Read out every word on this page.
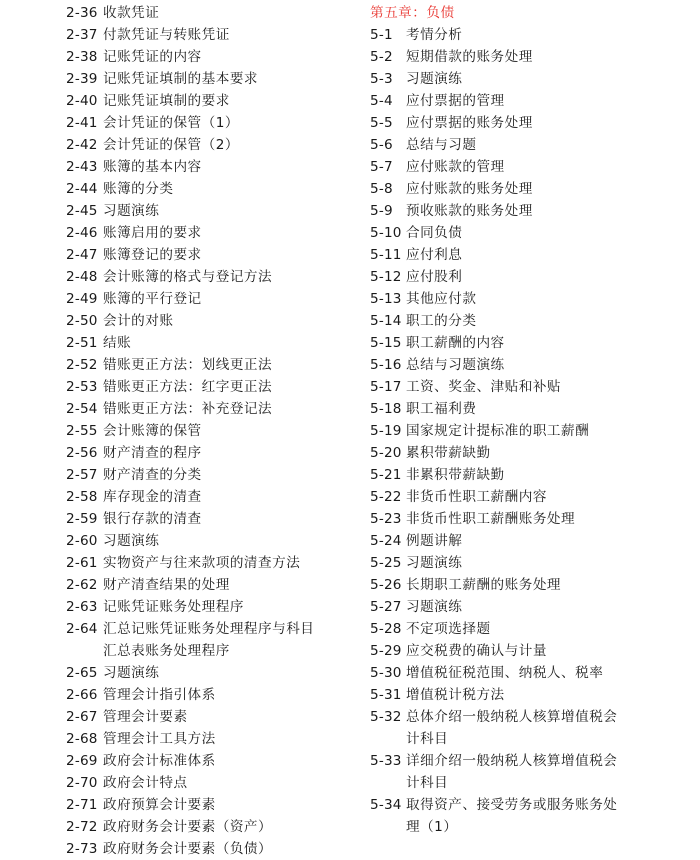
2-36 收款凭证
2-37 付款凭证与转账凭证
2-38 记账凭证的内容
2-39 记账凭证填制的基本要求
2-40 记账凭证填制的要求
2-41 会计凭证的保管（1）
2-42 会计凭证的保管（2）
2-43 账簿的基本内容
2-44 账簿的分类
2-45 习题演练
2-46 账簿启用的要求
2-47 账簿登记的要求
2-48 会计账簿的格式与登记方法
2-49 账簿的平行登记
2-50 会计的对账
2-51 结账
2-52 错账更正方法：划线更正法
2-53 错账更正方法：红字更正法
2-54 错账更正方法：补充登记法
2-55 会计账簿的保管
2-56 财产清查的程序
2-57 财产清查的分类
2-58 库存现金的清查
2-59 银行存款的清查
2-60 习题演练
2-61 实物资产与往来款项的清查方法
2-62 财产清查结果的处理
2-63 记账凭证账务处理程序
2-64 汇总记账凭证账务处理程序与科目汇总表账务处理程序
2-65 习题演练
2-66 管理会计指引体系
2-67 管理会计要素
2-68 管理会计工具方法
2-69 政府会计标准体系
2-70 政府会计特点
2-71 政府预算会计要素
2-72 政府财务会计要素（资产）
2-73 政府财务会计要素（负债）
第五章：负债
5-1 考情分析
5-2 短期借款的账务处理
5-3 习题演练
5-4 应付票据的管理
5-5 应付票据的账务处理
5-6 总结与习题
5-7 应付账款的管理
5-8 应付账款的账务处理
5-9 预收账款的账务处理
5-10 合同负债
5-11 应付利息
5-12 应付股利
5-13 其他应付款
5-14 职工的分类
5-15 职工薪酬的内容
5-16 总结与习题演练
5-17 工资、奖金、津贴和补贴
5-18 职工福利费
5-19 国家规定计提标准的职工薪酬
5-20 累积带薪缺勤
5-21 非累积带薪缺勤
5-22 非货币性职工薪酬内容
5-23 非货币性职工薪酬账务处理
5-24 例题讲解
5-25 习题演练
5-26 长期职工薪酬的账务处理
5-27 习题演练
5-28 不定项选择题
5-29 应交税费的确认与计量
5-30 增值税征税范围、纳税人、税率
5-31 增值税计税方法
5-32 总体介绍一般纳税人核算增值税会计科目
5-33 详细介绍一般纳税人核算增值税会计科目
5-34 取得资产、接受劳务或服务账务处理（1）
